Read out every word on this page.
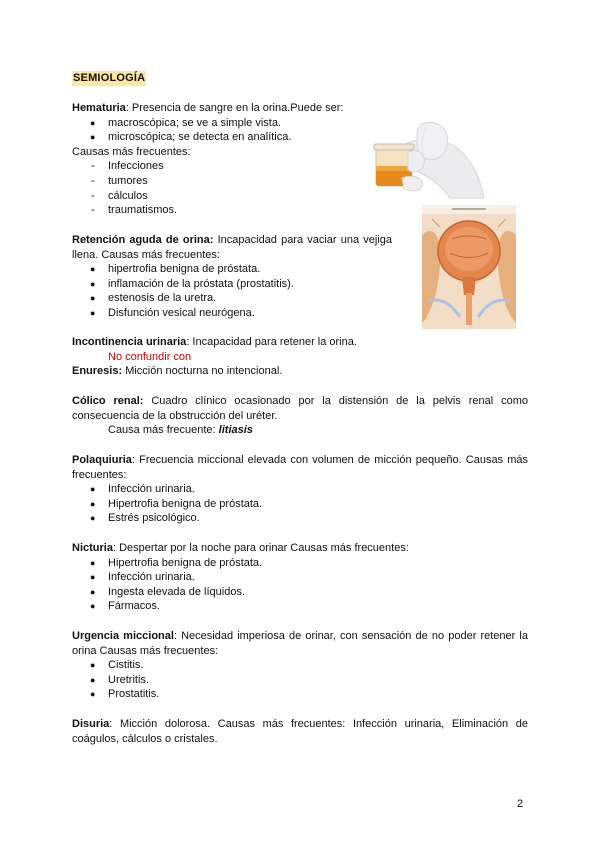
SEMIOLOGÍA
Hematuria: Presencia de sangre en la orina.Puede ser:
● macroscópica; se ve a simple vista.
● microscópica; se detecta en analítica.
Causas más frecuentes:
- Infecciones
- tumores
- cálculos
- traumatismos.
Retención aguda de orina: Incapacidad para vaciar una vejiga
llena. Causas más frecuentes:
● hipertrofia benigna de próstata.
● inflamación de la próstata (prostatitis).
● estenosis de la uretra.
● Disfunción vesical neurógena.
Incontinencia urinaria: Incapacidad para retener la orina.
No confundir con
Enuresis: Micción nocturna no intencional.
Cólico renal: Cuadro clínico ocasionado por la distensión de la pelvis renal como consecuencia de la obstrucción del uréter.
Causa más frecuente: litiasis
Polaquiuria: Frecuencia miccional elevada con volumen de micción pequeño. Causas más frecuentes:
● Infección urinaria.
● Hipertrofia benigna de próstata.
● Estrés psicológico.
Nicturia: Despertar por la noche para orinar Causas más frecuentes:
● Hipertrofia benigna de próstata.
● Infección urinaria.
● Ingesta elevada de líquidos.
● Fármacos.
Urgencia miccional: Necesidad imperiosa de orinar, con sensación de no poder retener la orina Causas más frecuentes:
● Cistitis.
● Uretritis.
● Prostatitis.
Disuria: Micción dolorosa. Causas más frecuentes: Infección urinaria, Eliminación de coágulos, cálculos o cristales.
2
